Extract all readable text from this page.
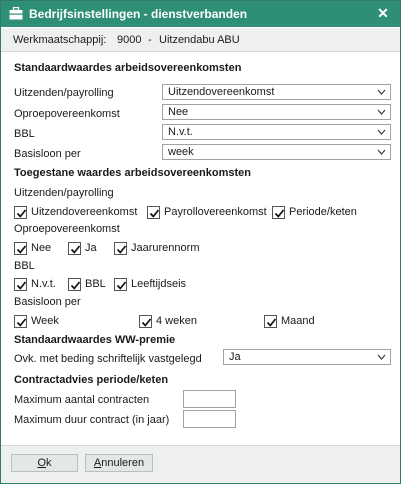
Bedrijfsinstellingen - dienstverbanden	✕
Werkmaatschappij: 9000 - Uitzendabu ABU
Standaardwaardes arbeidsovereenkomsten
Uitzenden/payrolling	Uitzendovereenkomst
Oproepovereenkomst	Nee
BBL	N.v.t.
Basisloon per	week
Toegestane waardes arbeidsovereenkomsten
Uitzenden/payrolling
Uitzendovereenkomst Payrollovereenkomst Periode/keten
Oproepovereenkomst
Nee	Ja	Jaarurennorm
BBL
N.v.t.	BBL Leeftijdseis
Basisloon per
Week	4 weken	Maand
Standaardwaardes WW-premie
Ovk. met beding schriftelijk vastgelegd	Ja
Contractadvies periode/keten
Maximum aantal contracten
Maximum duur contract (in jaar)
Ok	Annuleren
